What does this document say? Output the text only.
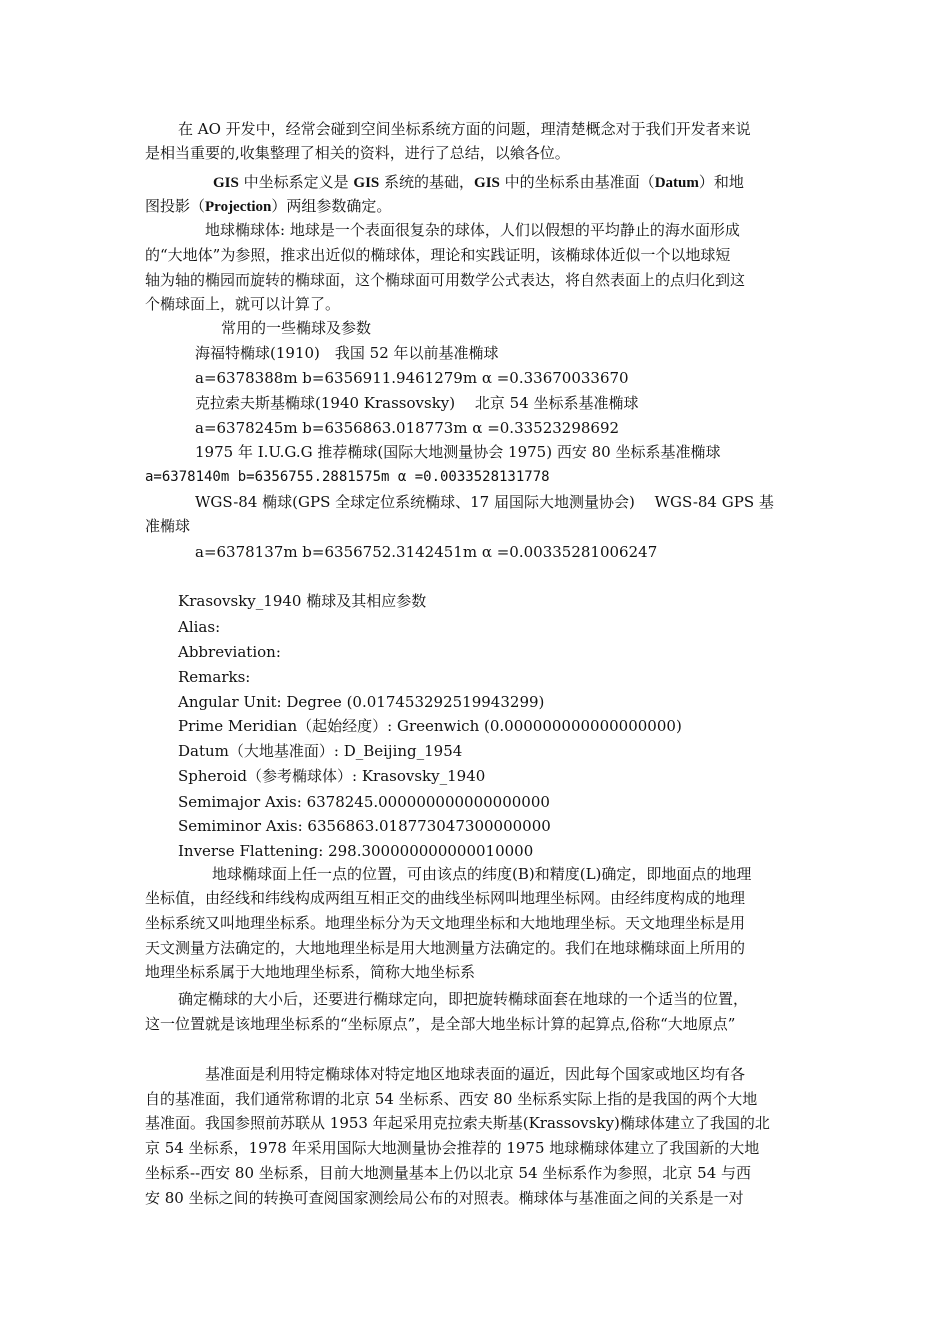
在 AO 开发中，经常会碰到空间坐标系统方面的问题，理清楚概念对于我们开发者来说
是相当重要的,收集整理了相关的资料，进行了总结，以飨各位。
GIS 中坐标系定义是 GIS 系统的基础，GIS 中的坐标系由基准面（Datum）和地
图投影（Projection）两组参数确定。
地球椭球体: 地球是一个表面很复杂的球体，人们以假想的平均静止的海水面形成
的“大地体”为参照，推求出近似的椭球体，理论和实践证明，该椭球体近似一个以地球短
轴为轴的椭园而旋转的椭球面，这个椭球面可用数学公式表达，将自然表面上的点归化到这
个椭球面上，就可以计算了。
常用的一些椭球及参数
海福特椭球(1910)　我国 52 年以前基准椭球
a=6378388m b=6356911.9461279m α =0.33670033670
克拉索夫斯基椭球(1940 Krassovsky)　 北京 54 坐标系基准椭球
a=6378245m b=6356863.018773m α =0.33523298692
1975 年 I.U.G.G 推荐椭球(国际大地测量协会 1975) 西安 80 坐标系基准椭球
a=6378140m b=6356755.2881575m α =0.0033528131778
WGS-84 椭球(GPS 全球定位系统椭球、17 届国际大地测量协会)　 WGS-84 GPS 基
准椭球
a=6378137m b=6356752.3142451m α =0.00335281006247
Krasovsky_1940 椭球及其相应参数
Alias:
Abbreviation:
Remarks:
Angular Unit: Degree (0.017453292519943299)
Prime Meridian（起始经度）: Greenwich (0.000000000000000000)
Datum（大地基准面）: D_Beijing_1954
Spheroid（参考椭球体）: Krasovsky_1940
Semimajor Axis: 6378245.000000000000000000
Semiminor Axis: 6356863.018773047300000000
Inverse Flattening: 298.300000000000010000
地球椭球面上任一点的位置，可由该点的纬度(B)和精度(L)确定，即地面点的地理
坐标值，由经线和纬线构成两组互相正交的曲线坐标网叫地理坐标网。由经纬度构成的地理
坐标系统又叫地理坐标系。地理坐标分为天文地理坐标和大地地理坐标。天文地理坐标是用
天文测量方法确定的，大地地理坐标是用大地测量方法确定的。我们在地球椭球面上所用的
地理坐标系属于大地地理坐标系，简称大地坐标系
确定椭球的大小后，还要进行椭球定向，即把旋转椭球面套在地球的一个适当的位置，
这一位置就是该地理坐标系的“坐标原点”，是全部大地坐标计算的起算点,俗称“大地原点”
基准面是利用特定椭球体对特定地区地球表面的逼近，因此每个国家或地区均有各
自的基准面，我们通常称谓的北京 54 坐标系、西安 80 坐标系实际上指的是我国的两个大地
基准面。我国参照前苏联从 1953 年起采用克拉索夫斯基(Krassovsky)椭球体建立了我国的北
京 54 坐标系，1978 年采用国际大地测量协会推荐的 1975 地球椭球体建立了我国新的大地
坐标系--西安 80 坐标系，目前大地测量基本上仍以北京 54 坐标系作为参照，北京 54 与西
安 80 坐标之间的转换可查阅国家测绘局公布的对照表。椭球体与基准面之间的关系是一对
